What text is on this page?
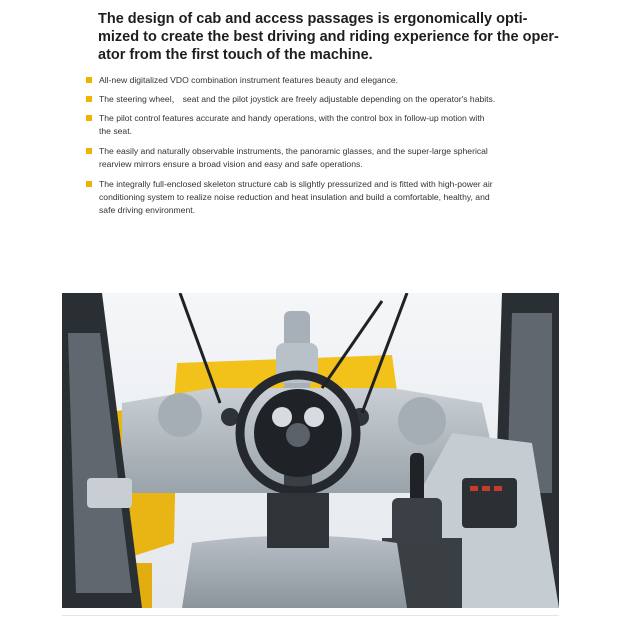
The design of cab and access passages is ergonomically opti-
mized to create the best driving and riding experience for the oper-
ator from the first touch of the machine.
All-new digitalized VDO combination instrument features beauty and elegance.
The steering wheel， seat and the pilot joystick are freely adjustable depending on the operator's habits.
The pilot control features accurate and handy operations, with the control box in follow-up motion with
the seat.
The easily and naturally observable instruments, the panoramic glasses, and the super-large spherical
rearview mirrors ensure a broad vision and easy and safe operations.
The integrally full-enclosed skeleton structure cab is slightly pressurized and is fitted with high-power air
conditioning system to realize noise reduction and heat insulation and build a comfortable, healthy, and
safe driving environment.
